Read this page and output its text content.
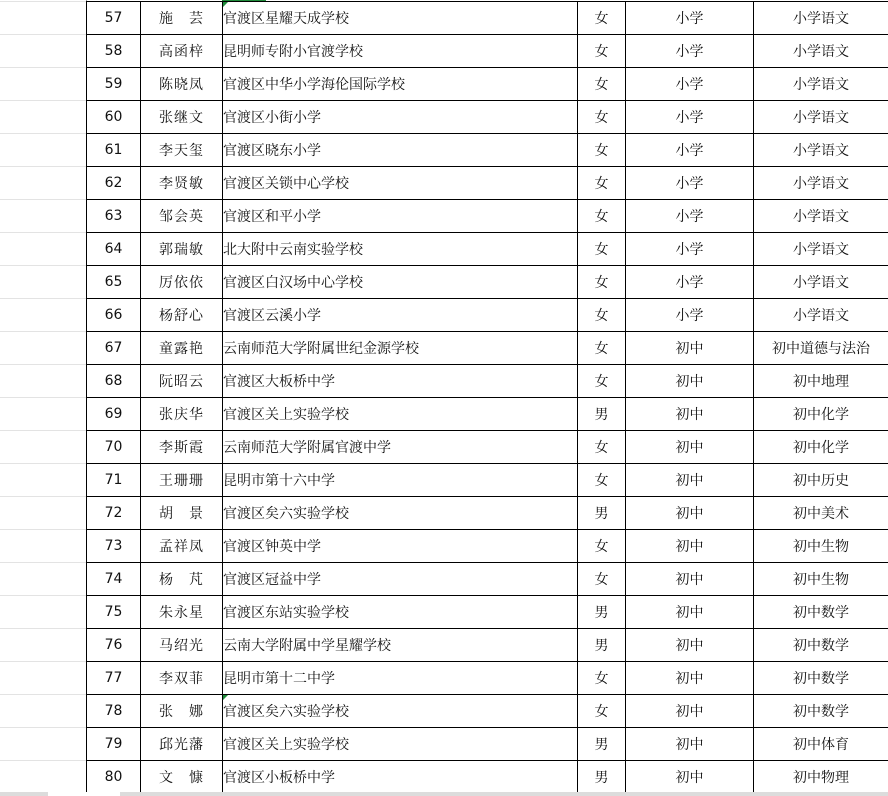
57	施　芸	官渡区星耀天成学校	女	小学	小学语文
58	高函梓	昆明师专附小官渡学校	女	小学	小学语文
59	陈晓凤	官渡区中华小学海伦国际学校	女	小学	小学语文
60	张继文	官渡区小街小学	女	小学	小学语文
61	李天玺	官渡区晓东小学	女	小学	小学语文
62	李贤敏	官渡区关锁中心学校	女	小学	小学语文
63	邹会英	官渡区和平小学	女	小学	小学语文
64	郭瑞敏	北大附中云南实验学校	女	小学	小学语文
65	厉依依	官渡区白汉场中心学校	女	小学	小学语文
66	杨舒心	官渡区云溪小学	女	小学	小学语文
67	童露艳	云南师范大学附属世纪金源学校	女	初中	初中道德与法治
68	阮昭云	官渡区大板桥中学	女	初中	初中地理
69	张庆华	官渡区关上实验学校	男	初中	初中化学
70	李斯霞	云南师范大学附属官渡中学	女	初中	初中化学
71	王珊珊	昆明市第十六中学	女	初中	初中历史
72	胡　景	官渡区矣六实验学校	男	初中	初中美术
73	孟祥凤	官渡区钟英中学	女	初中	初中生物
74	杨　芃	官渡区冠益中学	女	初中	初中生物
75	朱永星	官渡区东站实验学校	男	初中	初中数学
76	马绍光	云南大学附属中学星耀学校	男	初中	初中数学
77	李双菲	昆明市第十二中学	女	初中	初中数学
78	张　娜	官渡区矣六实验学校	女	初中	初中数学
79	邱光藩	官渡区关上实验学校	男	初中	初中体育
80	文　慷	官渡区小板桥中学	男	初中	初中物理
